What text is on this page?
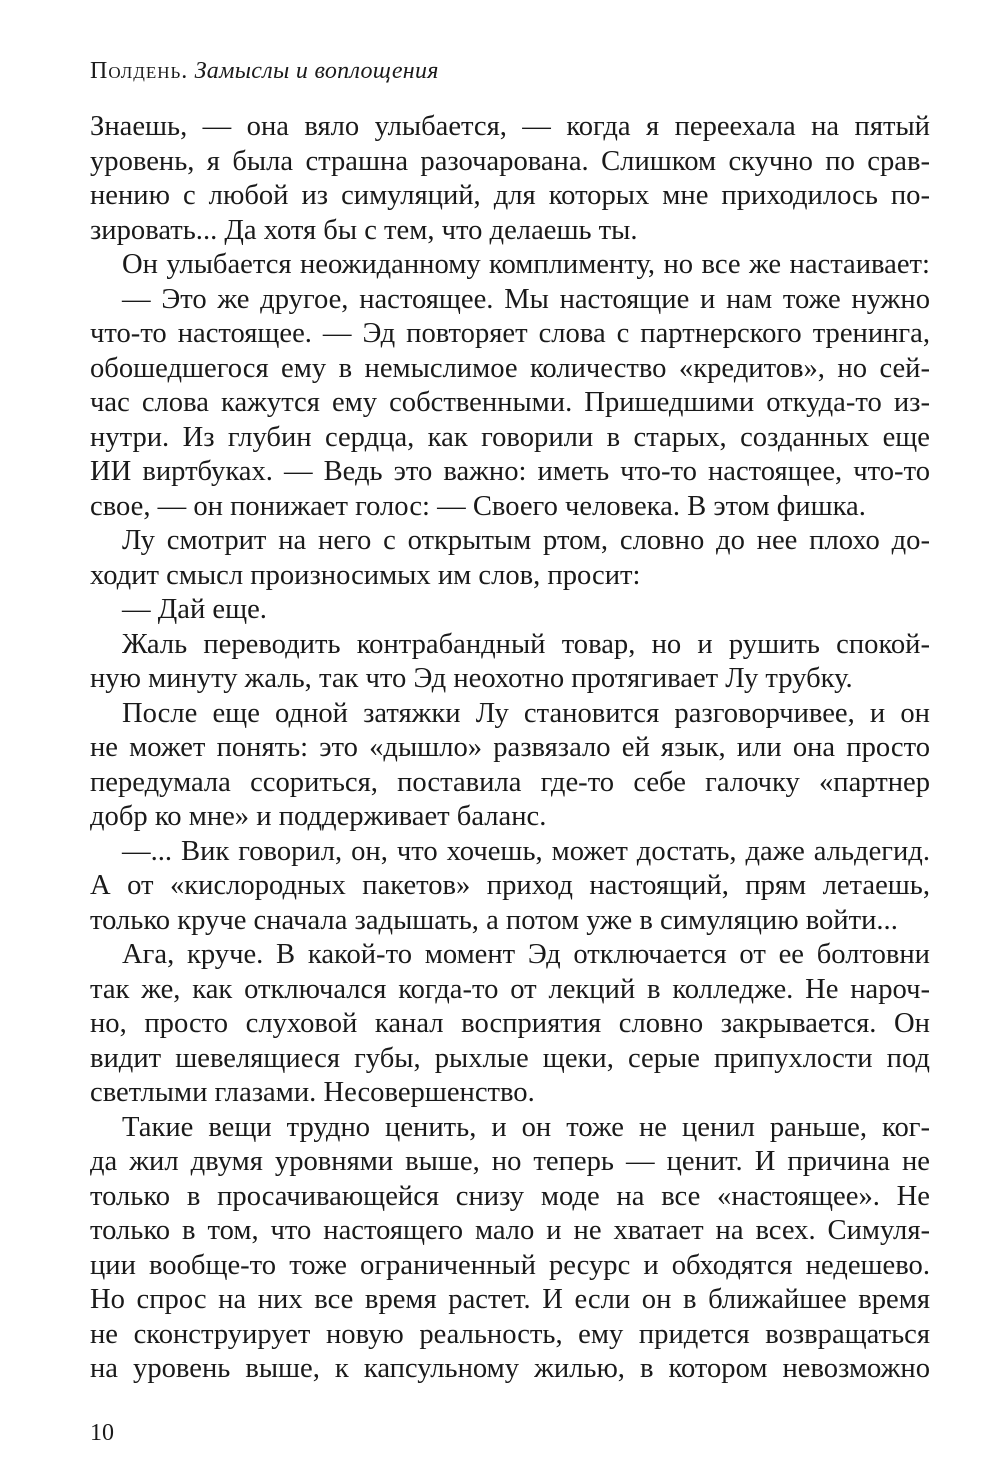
Полдень. Замыслы и воплощения
Знаешь, — она вяло улыбается, — когда я переехала на пятый
уровень, я была страшна разочарована. Слишком скучно по срав-
нению с любой из симуляций, для которых мне приходилось по-
зировать... Да хотя бы с тем, что делаешь ты.
Он улыбается неожиданному комплименту, но все же настаивает:
— Это же другое, настоящее. Мы настоящие и нам тоже нужно
что-то настоящее. — Эд повторяет слова с партнерского тренинга,
обошедшегося ему в немыслимое количество «кредитов», но сей-
час слова кажутся ему собственными. Пришедшими откуда-то из-
нутри. Из глубин сердца, как говорили в старых, созданных еще
ИИ виртбуках. — Ведь это важно: иметь что-то настоящее, что-то
свое, — он понижает голос: — Своего человека. В этом фишка.
Лу смотрит на него с открытым ртом, словно до нее плохо до-
ходит смысл произносимых им слов, просит:
— Дай еще.
Жаль переводить контрабандный товар, но и рушить спокой-
ную минуту жаль, так что Эд неохотно протягивает Лу трубку.
После еще одной затяжки Лу становится разговорчивее, и он
не может понять: это «дышло» развязало ей язык, или она просто
передумала ссориться, поставила где-то себе галочку «партнер
добр ко мне» и поддерживает баланс.
—... Вик говорил, он, что хочешь, может достать, даже альдегид.
А от «кислородных пакетов» приход настоящий, прям летаешь,
только круче сначала задышать, а потом уже в симуляцию войти...
Ага, круче. В какой-то момент Эд отключается от ее болтовни
так же, как отключался когда-то от лекций в колледже. Не нароч-
но, просто слуховой канал восприятия словно закрывается. Он
видит шевелящиеся губы, рыхлые щеки, серые припухлости под
светлыми глазами. Несовершенство.
Такие вещи трудно ценить, и он тоже не ценил раньше, ког-
да жил двумя уровнями выше, но теперь — ценит. И причина не
только в просачивающейся снизу моде на все «настоящее». Не
только в том, что настоящего мало и не хватает на всех. Симуля-
ции вообще-то тоже ограниченный ресурс и обходятся недешево.
Но спрос на них все время растет. И если он в ближайшее время
не сконструирует новую реальность, ему придется возвращаться
на уровень выше, к капсульному жилью, в котором невозможно
10
